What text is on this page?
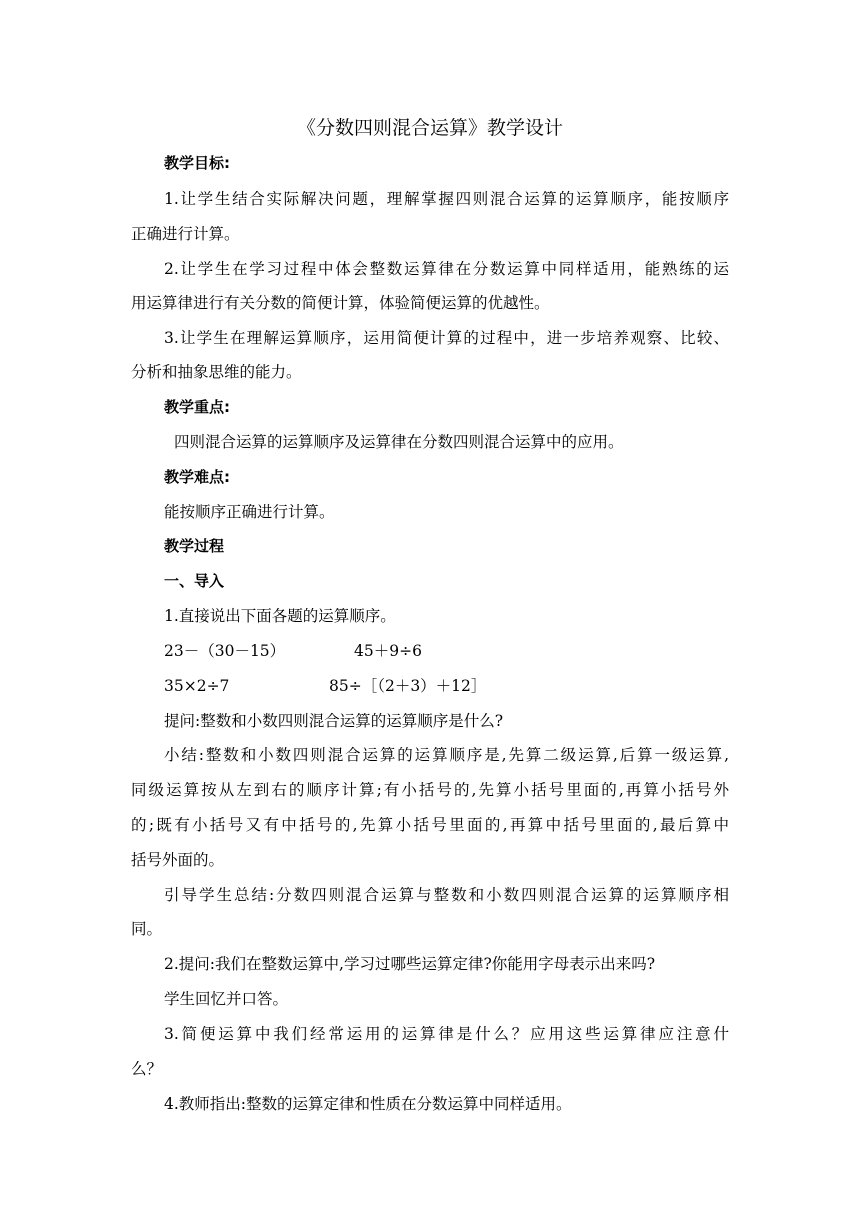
《分数四则混合运算》教学设计
教学目标:
1.让学生结合实际解决问题，理解掌握四则混合运算的运算顺序，能按顺序
正确进行计算。
2.让学生在学习过程中体会整数运算律在分数运算中同样适用，能熟练的运
用运算律进行有关分数的简便计算，体验简便运算的优越性。
3.让学生在理解运算顺序，运用简便计算的过程中，进一步培养观察、比较、
分析和抽象思维的能力。
教学重点:
四则混合运算的运算顺序及运算律在分数四则混合运算中的应用。
教学难点:
能按顺序正确进行计算。
教学过程
一、导入
1.直接说出下面各题的运算顺序。
23－（30－15）	45＋9÷6
35×2÷7	85÷［（2＋3）＋12］
提问:整数和小数四则混合运算的运算顺序是什么?
小结:整数和小数四则混合运算的运算顺序是,先算二级运算,后算一级运算,
同级运算按从左到右的顺序计算;有小括号的,先算小括号里面的,再算小括号外
的;既有小括号又有中括号的,先算小括号里面的,再算中括号里面的,最后算中
括号外面的。
引导学生总结:分数四则混合运算与整数和小数四则混合运算的运算顺序相
同。
2.提问:我们在整数运算中,学习过哪些运算定律?你能用字母表示出来吗?
学生回忆并口答。
3.简便运算中我们经常运用的运算律是什么？应用这些运算律应注意什
么？
4.教师指出:整数的运算定律和性质在分数运算中同样适用。
